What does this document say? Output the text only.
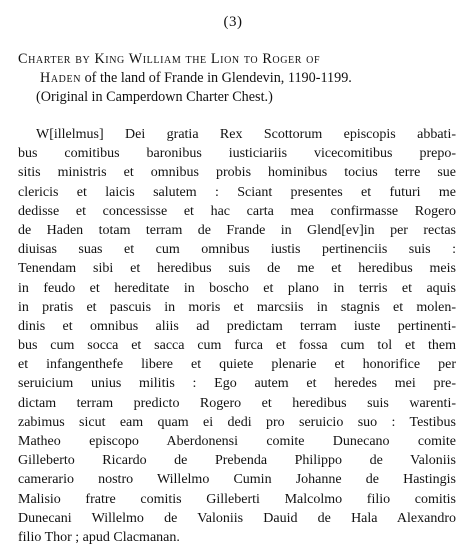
(3)
Charter by King William the Lion to Roger of
Haden of the land of Frande in Glendevin, 1190-1199.
(Original in Camperdown Charter Chest.)
W[illelmus] Dei gratia Rex Scottorum episcopis abbati-
bus comitibus baronibus iusticiariis vicecomitibus prepo-
sitis ministris et omnibus probis hominibus tocius terre sue
clericis et laicis salutem : Sciant presentes et futuri me
dedisse et concessisse et hac carta mea confirmasse Rogero
de Haden totam terram de Frande in Glend[ev]in per rectas
diuisas suas et cum omnibus iustis pertinenciis suis :
Tenendam sibi et heredibus suis de me et heredibus meis
in feudo et hereditate in boscho et plano in terris et aquis
in pratis et pascuis in moris et marcsiis in stagnis et molen-
dinis et omnibus aliis ad predictam terram iuste pertinenti-
bus cum socca et sacca cum furca et fossa cum tol et them
et infangenthefe libere et quiete plenarie et honorifice per
seruicium unius militis : Ego autem et heredes mei pre-
dictam terram predicto Rogero et heredibus suis warenti-
zabimus sicut eam quam ei dedi pro seruicio suo : Testibus
Matheo episcopo Aberdonensi comite Dunecano comite
Gilleberto Ricardo de Prebenda Philippo de Valoniis
camerario nostro Willelmo Cumin Johanne de Hastingis
Malisio fratre comitis Gilleberti Malcolmo filio comitis
Dunecani Willelmo de Valoniis Dauid de Hala Alexandro
filio Thor ; apud Clacmanan.
